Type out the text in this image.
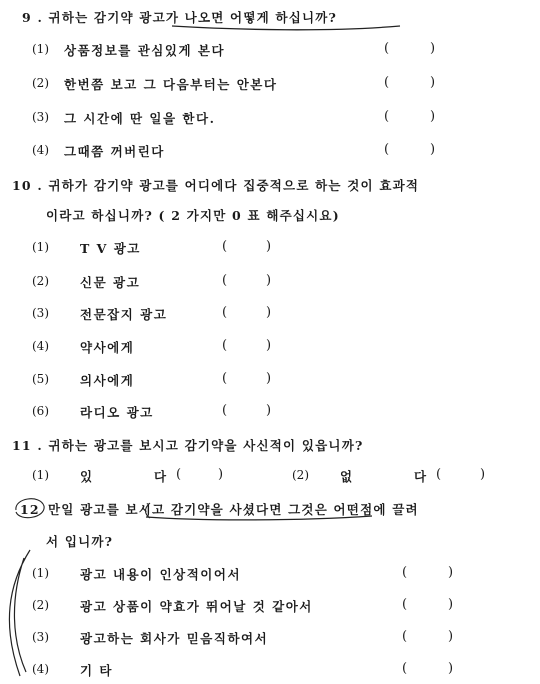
9 . 귀하는 감기약 광고가 나오면 어떻게 하십니까?
(1) 상품정보를 관심있게 본다	(	)
(2) 한번쯤 보고 그 다음부터는 안본다	(	)
(3) 그 시간에 딴 일을 한다.	(	)
(4) 그때쯤 꺼버린다	(	)
10 . 귀하가 감기약 광고를 어디에다 집중적으로 하는 것이 효과적
이라고 하십니까? ( 2 가지만 0 표 해주십시요)
(1) T V 광고	(	)
(2) 신문 광고	(	)
(3) 전문잡지 광고	(	)
(4) 약사에게	(	)
(5) 의사에게	(	)
(6) 라디오 광고	(	)
11 . 귀하는 광고를 보시고 감기약을 사신적이 있읍니까?
(1) 있	다 (	)	(2) 없	다 (	)
12 만일 광고를 보시고 감기약을 사셨다면 그것은 어떤점에 끌려
서 입니까?
(1) 광고 내용이 인상적이어서	(	)
(2) 광고 상품이 약효가 뛰어날 것 같아서	(	)
(3) 광고하는 회사가 믿음직하여서	(	)
(4) 기 타	(	)
